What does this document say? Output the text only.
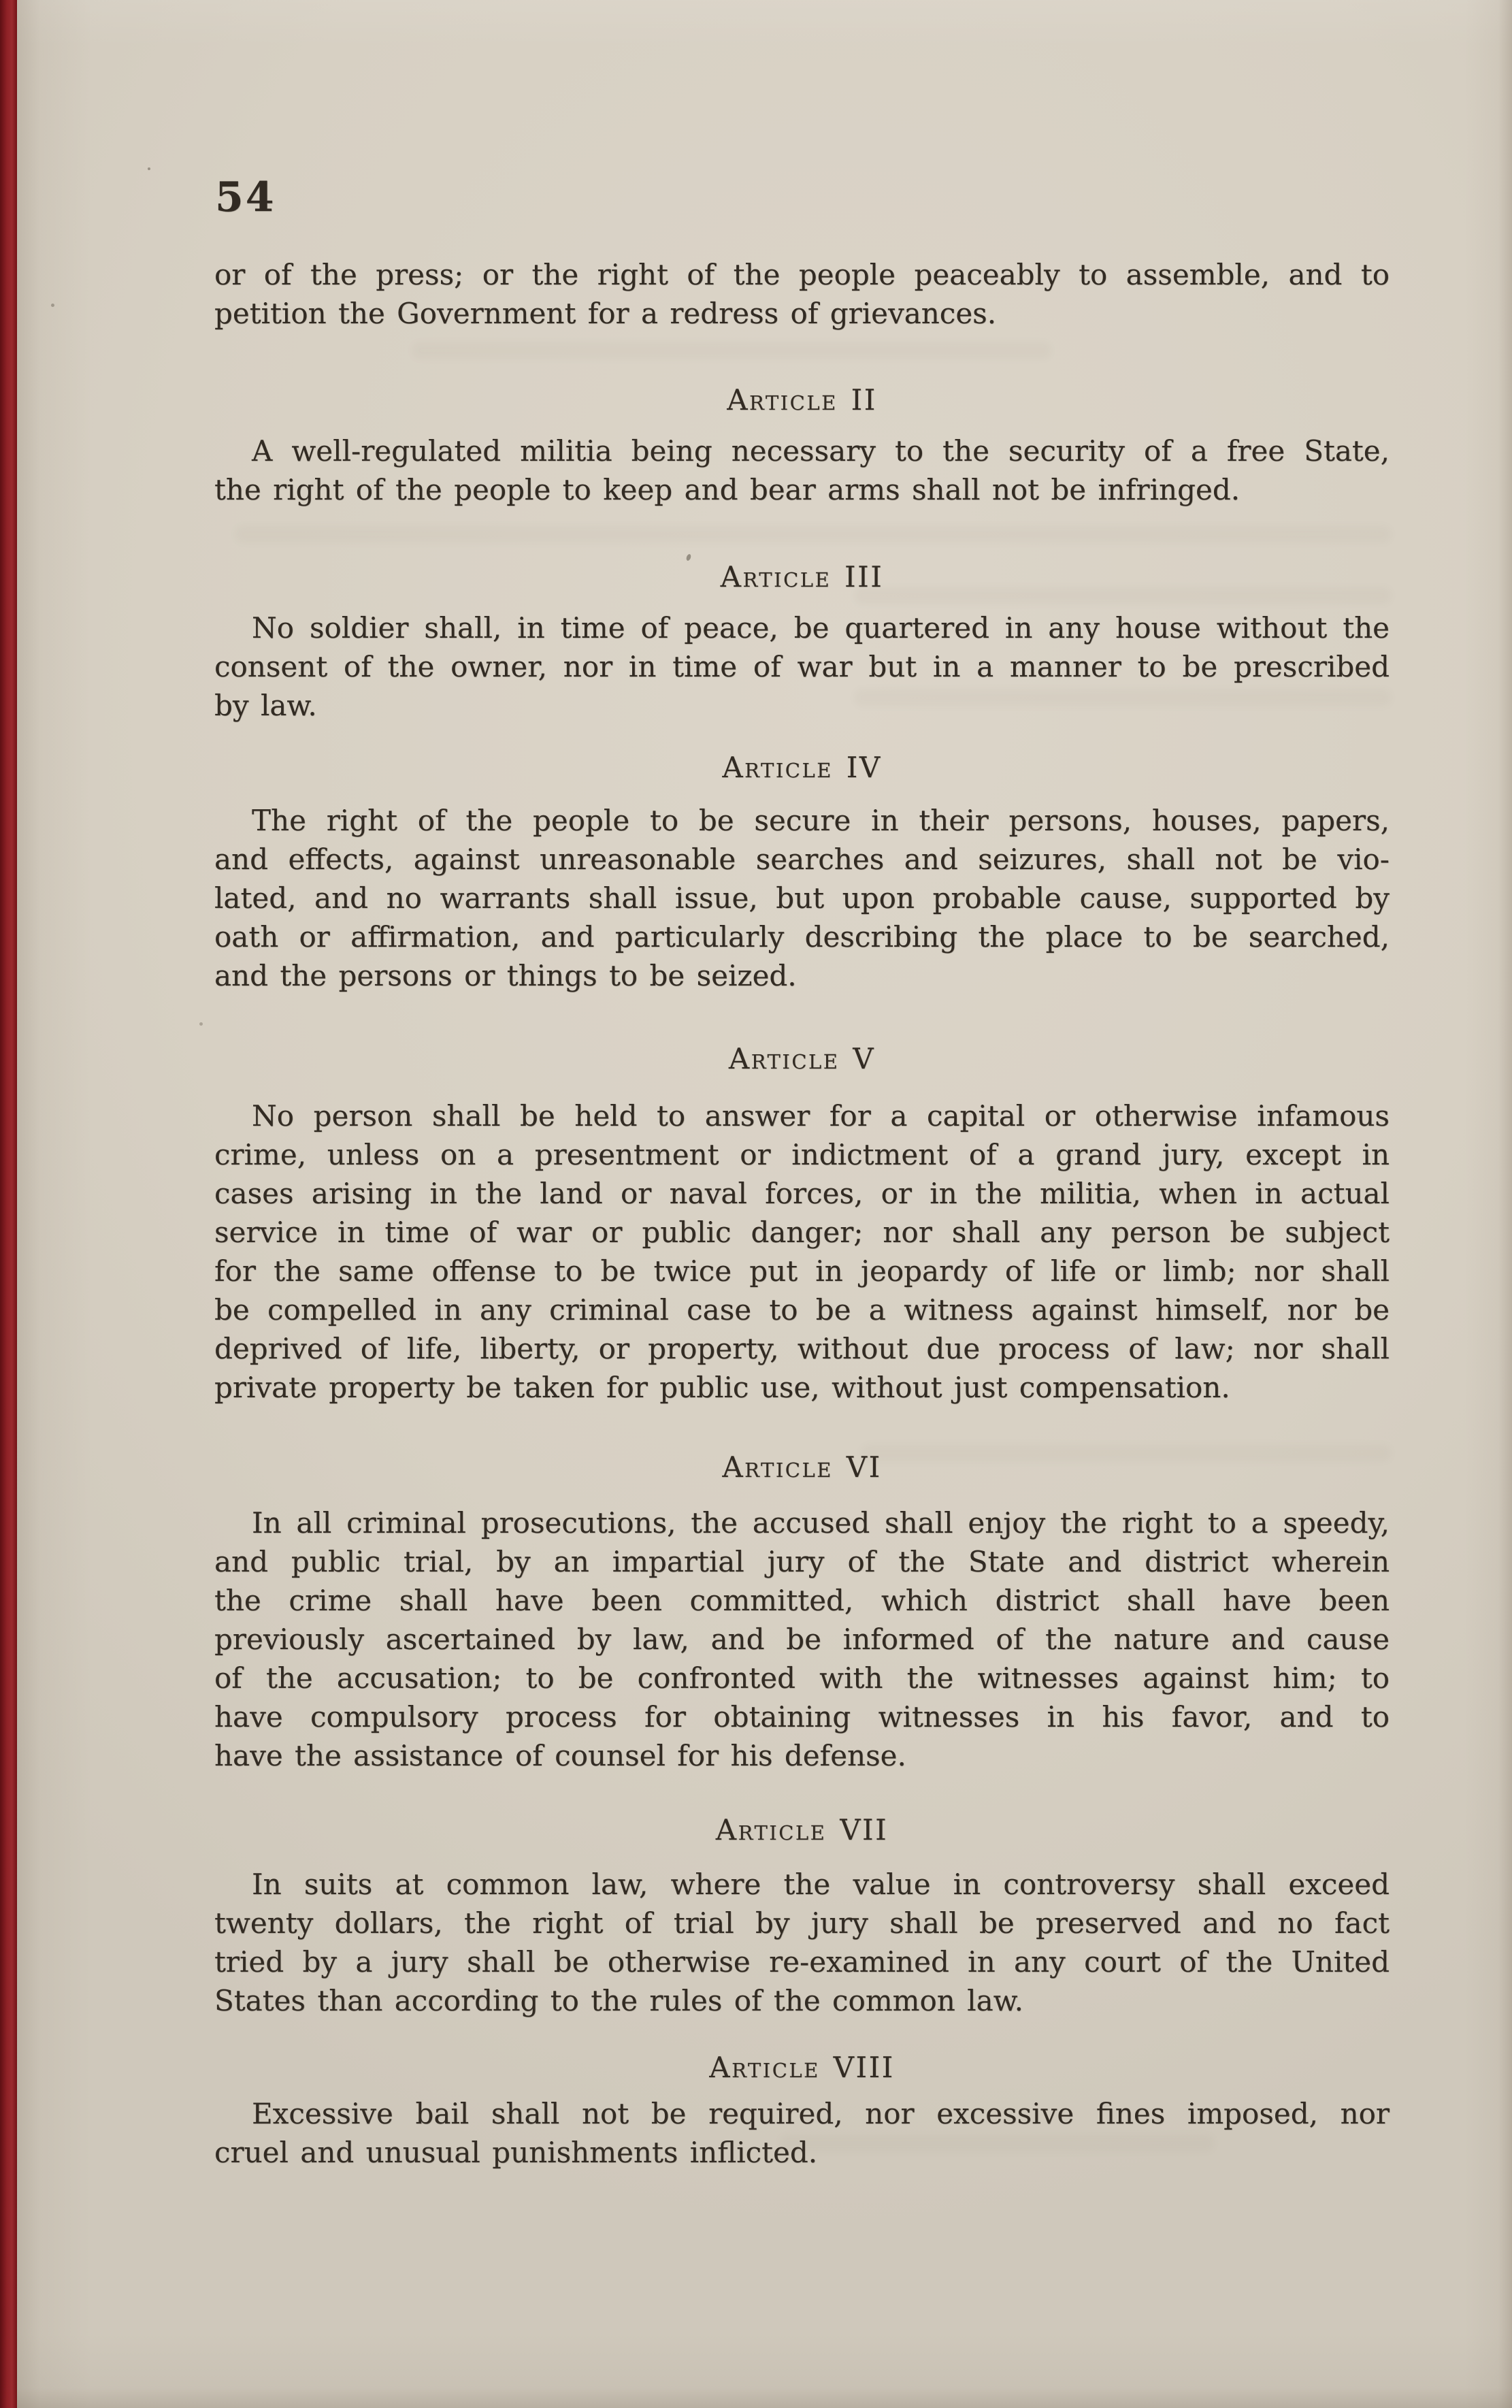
54
or of the press; or the right of the people peaceably to assemble, and to
petition the Government for a redress of grievances.
Article II
A well-regulated militia being necessary to the security of a free State,
the right of the people to keep and bear arms shall not be infringed.
Article III
No soldier shall, in time of peace, be quartered in any house without the
consent of the owner, nor in time of war but in a manner to be prescribed
by law.
Article IV
The right of the people to be secure in their persons, houses, papers,
and effects, against unreasonable searches and seizures, shall not be vio-
lated, and no warrants shall issue, but upon probable cause, supported by
oath or affirmation, and particularly describing the place to be searched,
and the persons or things to be seized.
Article V
No person shall be held to answer for a capital or otherwise infamous
crime, unless on a presentment or indictment of a grand jury, except in
cases arising in the land or naval forces, or in the militia, when in actual
service in time of war or public danger; nor shall any person be subject
for the same offense to be twice put in jeopardy of life or limb; nor shall
be compelled in any criminal case to be a witness against himself, nor be
deprived of life, liberty, or property, without due process of law; nor shall
private property be taken for public use, without just compensation.
Article VI
In all criminal prosecutions, the accused shall enjoy the right to a speedy,
and public trial, by an impartial jury of the State and district wherein
the crime shall have been committed, which district shall have been
previously ascertained by law, and be informed of the nature and cause
of the accusation; to be confronted with the witnesses against him; to
have compulsory process for obtaining witnesses in his favor, and to
have the assistance of counsel for his defense.
Article VII
In suits at common law, where the value in controversy shall exceed
twenty dollars, the right of trial by jury shall be preserved and no fact
tried by a jury shall be otherwise re-examined in any court of the United
States than according to the rules of the common law.
Article VIII
Excessive bail shall not be required, nor excessive fines imposed, nor
cruel and unusual punishments inflicted.
